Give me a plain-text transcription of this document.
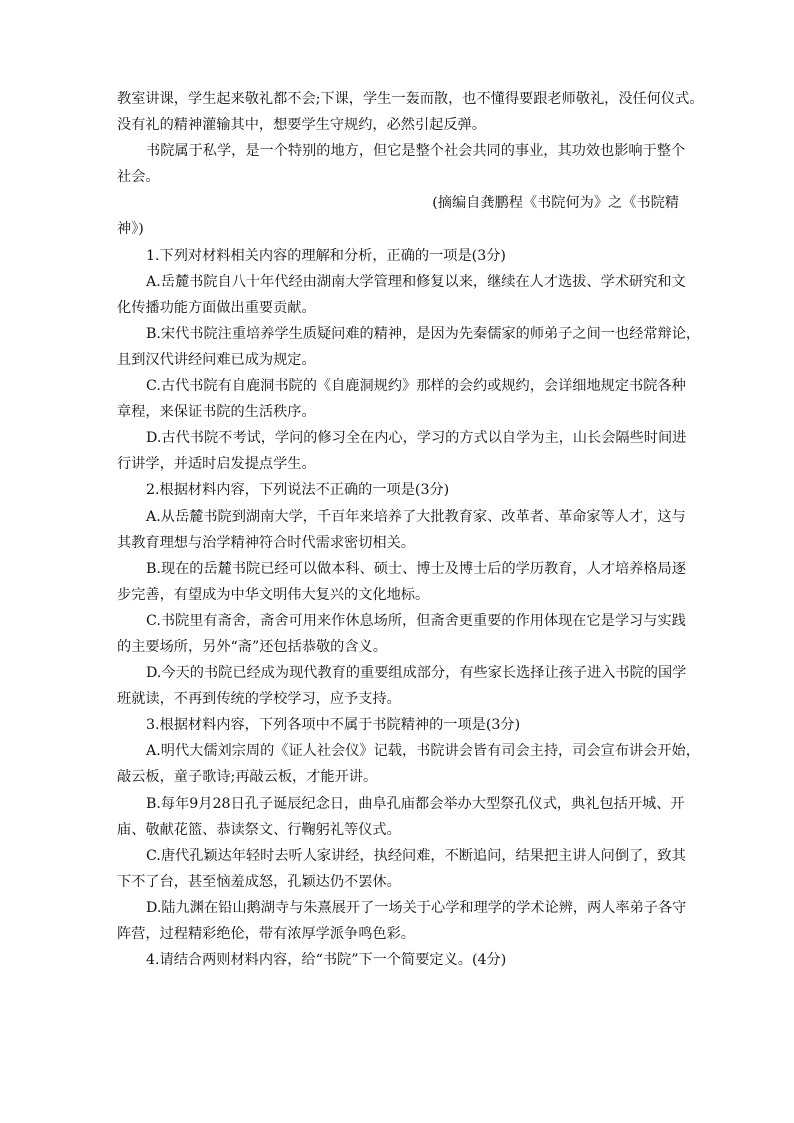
教室讲课，学生起来敬礼都不会;下课，学生一轰而散，也不懂得要跟老师敬礼，没任何仪式。
没有礼的精神灌输其中，想要学生守规约，必然引起反弹。
书院属于私学，是一个特别的地方，但它是整个社会共同的事业，其功效也影响于整个
社会。
(摘编自龚鹏程《书院何为》之《书院精
神》)
1.下列对材料相关内容的理解和分析，正确的一项是(3分)
A.岳麓书院自八十年代经由湖南大学管理和修复以来，继续在人才选拔、学术研究和文
化传播功能方面做出重要贡献。
B.宋代书院注重培养学生质疑问难的精神，是因为先秦儒家的师弟子之间一也经常辩论，
且到汉代讲经问难已成为规定。
C.古代书院有自鹿洞书院的《自鹿洞规约》那样的会约或规约，会详细地规定书院各种
章程，来保证书院的生活秩序。
D.古代书院不考试，学问的修习全在内心，学习的方式以自学为主，山长会隔些时间进
行讲学，并适时启发提点学生。
2.根据材料内容，下列说法不正确的一项是(3分)
A.从岳麓书院到湖南大学，千百年来培养了大批教育家、改革者、革命家等人才，这与
其教育理想与治学精神符合时代需求密切相关。
B.现在的岳麓书院已经可以做本科、硕士、博士及博士后的学历教育，人才培养格局逐
步完善，有望成为中华文明伟大复兴的文化地标。
C.书院里有斋舍，斋舍可用来作休息场所，但斋舍更重要的作用体现在它是学习与实践
的主要场所，另外“斋”还包括恭敬的含义。
D.今天的书院已经成为现代教育的重要组成部分，有些家长选择让孩子进入书院的国学
班就读，不再到传统的学校学习，应予支持。
3.根据材料内容，下列各项中不属于书院精神的一项是(3分)
A.明代大儒刘宗周的《证人社会仪》记载，书院讲会皆有司会主持，司会宣布讲会开始，
敲云板，童子歌诗;再敲云板，才能开讲。
B.每年9月28日孔子诞辰纪念日，曲阜孔庙都会举办大型祭孔仪式，典礼包括开城、开
庙、敬献花篮、恭读祭文、行鞠躬礼等仪式。
C.唐代孔颖达年轻时去听人家讲经，执经问难，不断追问，结果把主讲人问倒了，致其
下不了台，甚至恼羞成怒，孔颖达仍不罢休。
D.陆九渊在铅山鹅湖寺与朱熹展开了一场关于心学和理学的学术论辨，两人率弟子各守
阵营，过程精彩绝伦，带有浓厚学派争鸣色彩。
4.请结合两则材料内容，给“书院”下一个简要定义。(4分)
